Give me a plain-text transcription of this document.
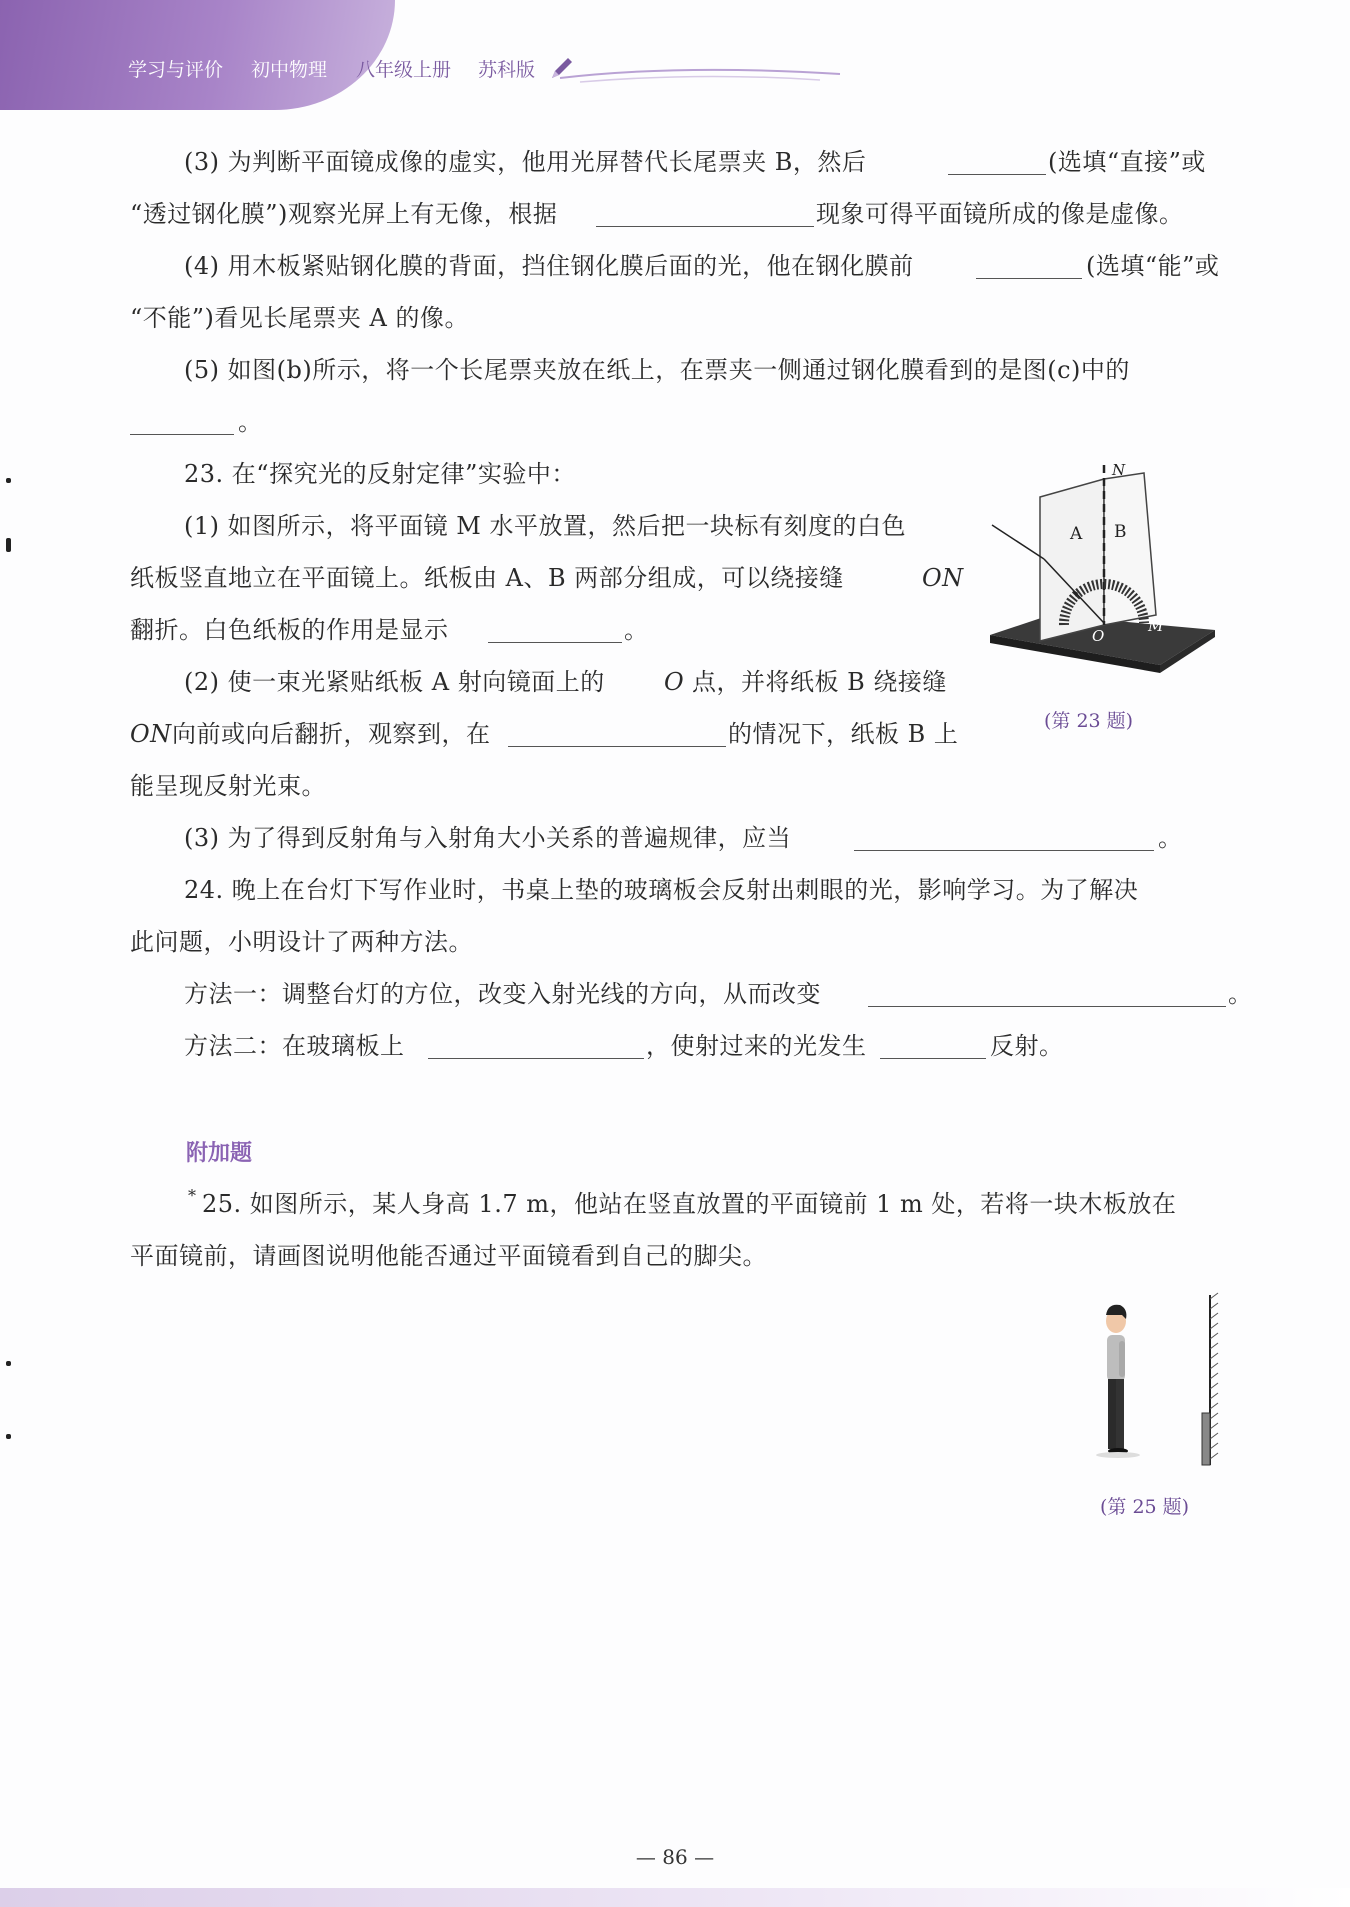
学习与评价 初中物理 八年级上册 苏科版
(3) 为判断平面镜成像的虚实，他用光屏替代长尾票夹 B，然后	(选填“直接”或
“透过钢化膜”)观察光屏上有无像，根据	现象可得平面镜所成的像是虚像。
(4) 用木板紧贴钢化膜的背面，挡住钢化膜后面的光，他在钢化膜前	(选填“能”或
“不能”)看见长尾票夹 A 的像。
(5) 如图(b)所示，将一个长尾票夹放在纸上，在票夹一侧通过钢化膜看到的是图(c)中的
。
23. 在“探究光的反射定律”实验中：
(1) 如图所示，将平面镜 M 水平放置，然后把一块标有刻度的白色
纸板竖直地立在平面镜上。纸板由 A、B 两部分组成，可以绕接缝	ON
翻折。白色纸板的作用是显示	。
(2) 使一束光紧贴纸板 A 射向镜面上的 O 点，并将纸板 B 绕接缝
ON 向前或向后翻折，观察到，在	的情况下，纸板 B 上
能呈现反射光束。
(3) 为了得到反射角与入射角大小关系的普遍规律，应当	。
N
A B
O
M
(第 23 题)
24. 晚上在台灯下写作业时，书桌上垫的玻璃板会反射出刺眼的光，影响学习。为了解决
此问题，小明设计了两种方法。
方法一：调整台灯的方位，改变入射光线的方向，从而改变	。
方法二：在玻璃板上	，使射过来的光发生	反射。
附加题
* 25. 如图所示，某人身高 1.7 m，他站在竖直放置的平面镜前 1 m 处，若将一块木板放在
平面镜前，请画图说明他能否通过平面镜看到自己的脚尖。
(第 25 题)
— 86 —
